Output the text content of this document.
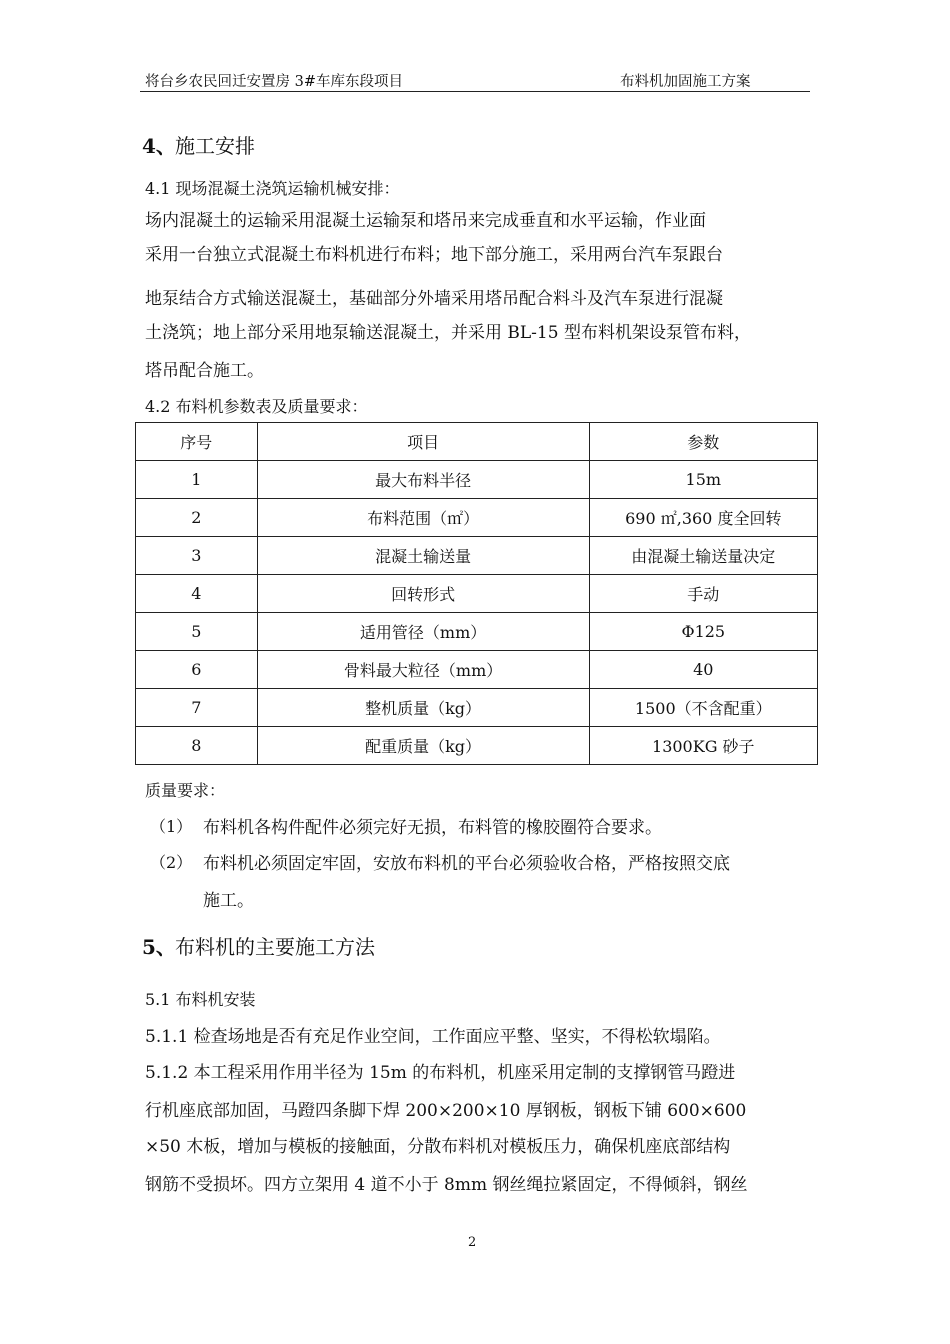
将台乡农民回迁安置房 3#车库东段项目	布料机加固施工方案
4、 施工安排
4.1 现场混凝土浇筑运输机械安排：
场内混凝土的运输采用混凝土运输泵和塔吊来完成垂直和水平运输，作业面
采用一台独立式混凝土布料机进行布料；地下部分施工，采用两台汽车泵跟台
地泵结合方式输送混凝土，基础部分外墙采用塔吊配合料斗及汽车泵进行混凝
土浇筑；地上部分采用地泵输送混凝土，并采用 BL-15 型布料机架设泵管布料，
塔吊配合施工。
4.2 布料机参数表及质量要求：
序号	项目	参数
1	最大布料半径	15m
2	布料范围（㎡）	690 ㎡,360 度全回转
3	混凝土输送量	由混凝土输送量决定
4	回转形式	手动
5	适用管径（mm）	Φ125
6	骨料最大粒径（mm）	40
7	整机质量（kg）	1500（不含配重）
8	配重质量（kg）	1300KG 砂子
质量要求：
（1） 布料机各构件配件必须完好无损，布料管的橡胶圈符合要求。
（2） 布料机必须固定牢固，安放布料机的平台必须验收合格，严格按照交底
施工。
5、 布料机的主要施工方法
5.1 布料机安装
5.1.1 检查场地是否有充足作业空间，工作面应平整、坚实，不得松软塌陷。
5.1.2 本工程采用作用半径为 15m 的布料机，机座采用定制的支撑钢管马蹬进
行机座底部加固，马蹬四条脚下焊 200×200×10 厚钢板，钢板下铺 600×600
×50 木板，增加与模板的接触面，分散布料机对模板压力，确保机座底部结构
钢筋不受损坏。四方立架用 4 道不小于 8mm 钢丝绳拉紧固定，不得倾斜，钢丝
2
